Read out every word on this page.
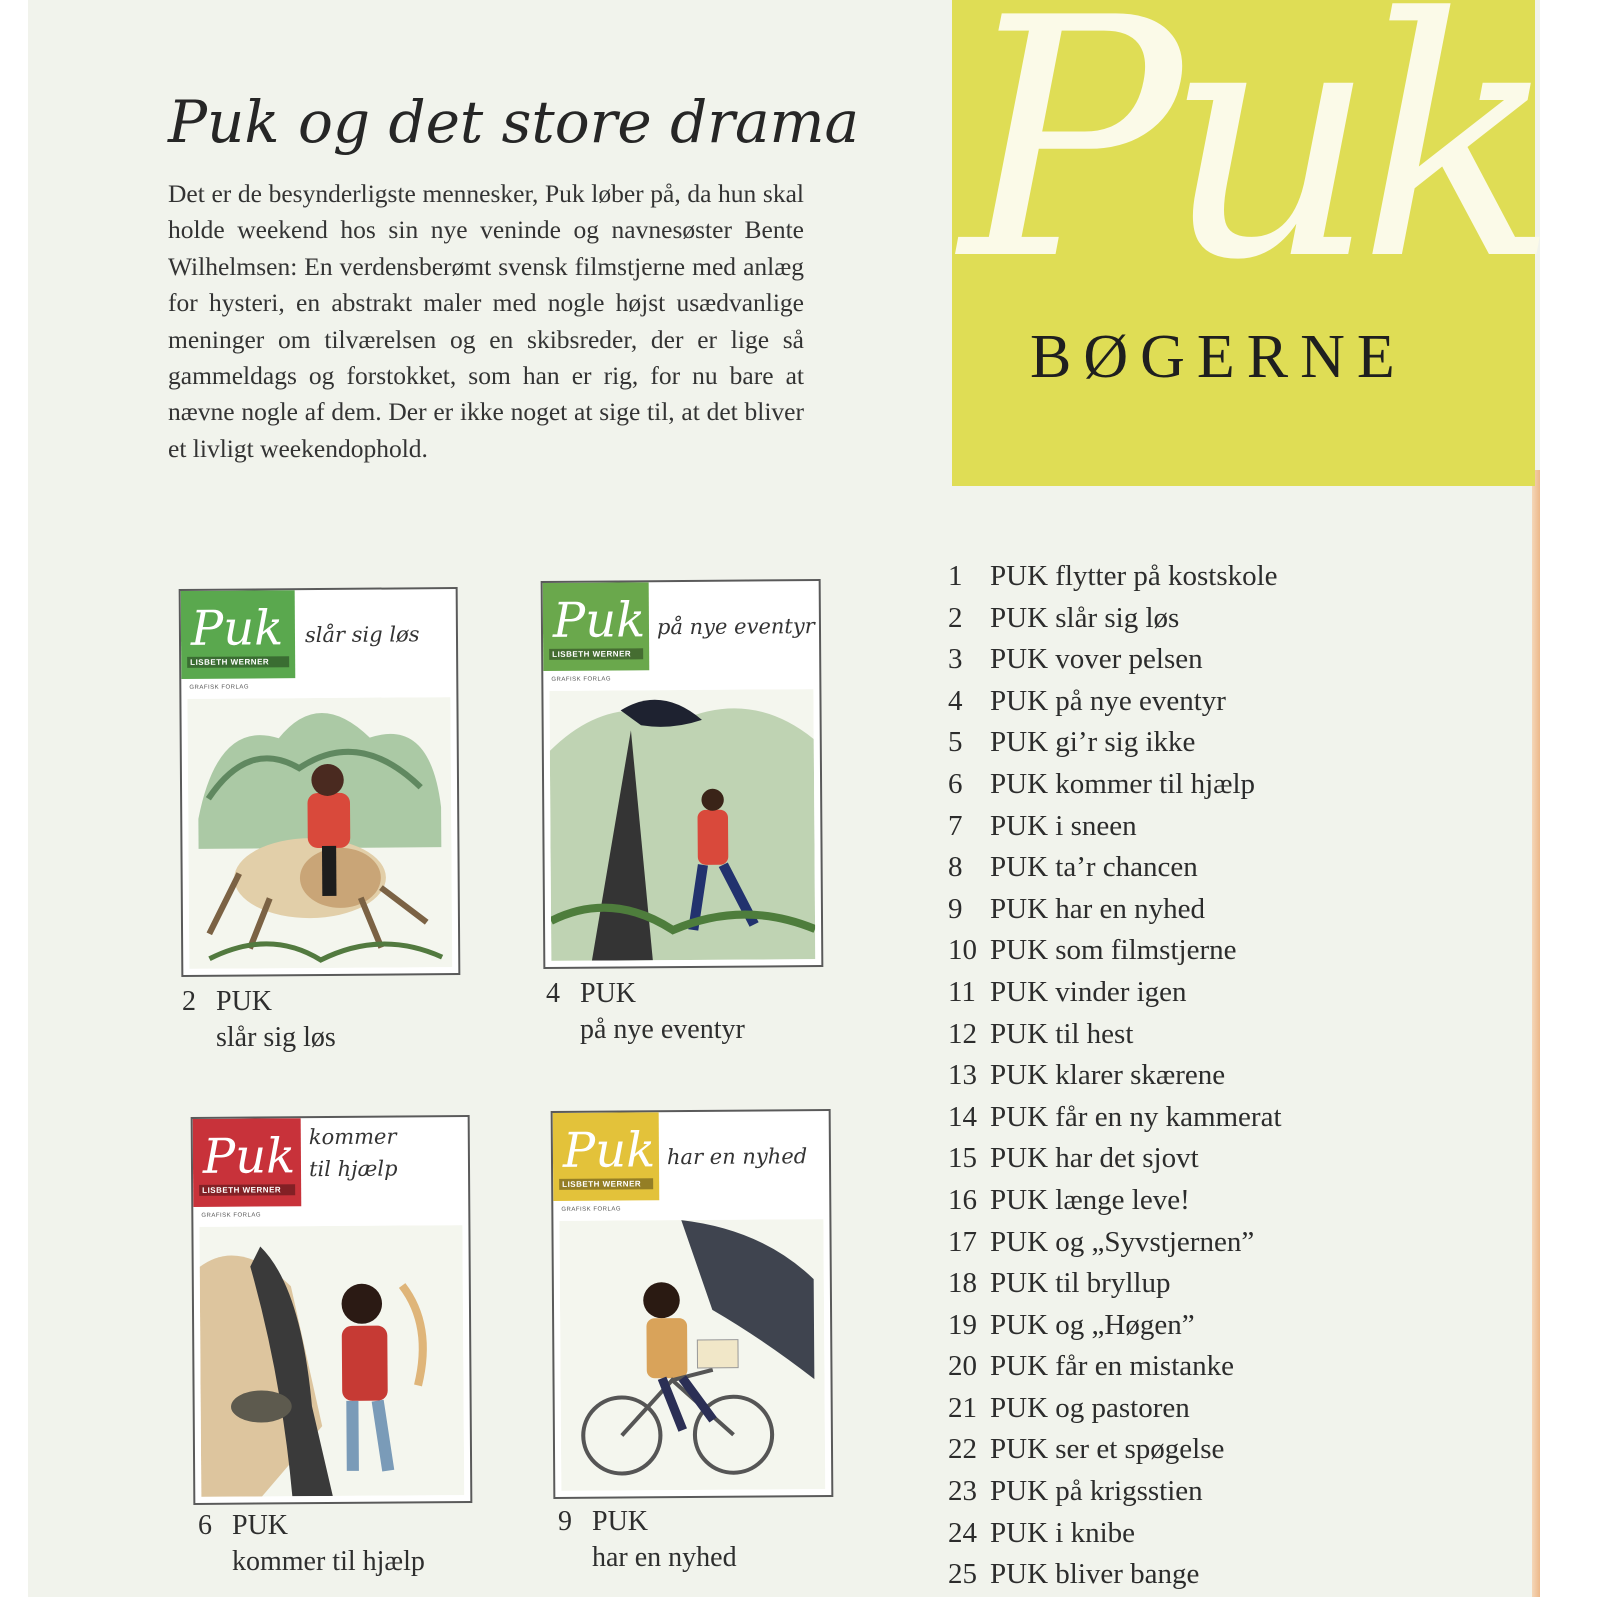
Puk
BØGERNE
Puk og det store drama

Det er de besynderligste mennesker, Puk løber på, da hun skal holde weekend hos sin nye veninde og navnesøster Bente Wilhelmsen: En verdensberømt svensk filmstjerne med anlæg for hysteri, en abstrakt maler med nogle højst usædvanlige meninger om tilværelsen og en skibsreder, der er lige så gammeldags og forstokket, som han er rig, for nu bare at nævne nogle af dem. Der er ikke noget at sige til, at det bliver et livligt weekendophold.

Puk
LISBETH WERNER
slår sig løs
GRAFISK FORLAG
2 PUK
slår sig løs
Puk
LISBETH WERNER
på nye eventyr
GRAFISK FORLAG
4 PUK
på nye eventyr
Puk
LISBETH WERNER
kommer
til hjælp
GRAFISK FORLAG
6 PUK
kommer til hjælp
Puk
LISBETH WERNER
har en nyhed
GRAFISK FORLAG
9 PUK
har en nyhed
1 PUK flytter på kostskole
2 PUK slår sig løs
3 PUK vover pelsen
4 PUK på nye eventyr
5 PUK gi’r sig ikke
6 PUK kommer til hjælp
7 PUK i sneen
8 PUK ta’r chancen
9 PUK har en nyhed
10 PUK som filmstjerne
11 PUK vinder igen
12 PUK til hest
13 PUK klarer skærene
14 PUK får en ny kammerat
15 PUK har det sjovt
16 PUK længe leve!
17 PUK og „Syvstjernen”
18 PUK til bryllup
19 PUK og „Høgen”
20 PUK får en mistanke
21 PUK og pastoren
22 PUK ser et spøgelse
23 PUK på krigsstien
24 PUK i knibe
25 PUK bliver bange
